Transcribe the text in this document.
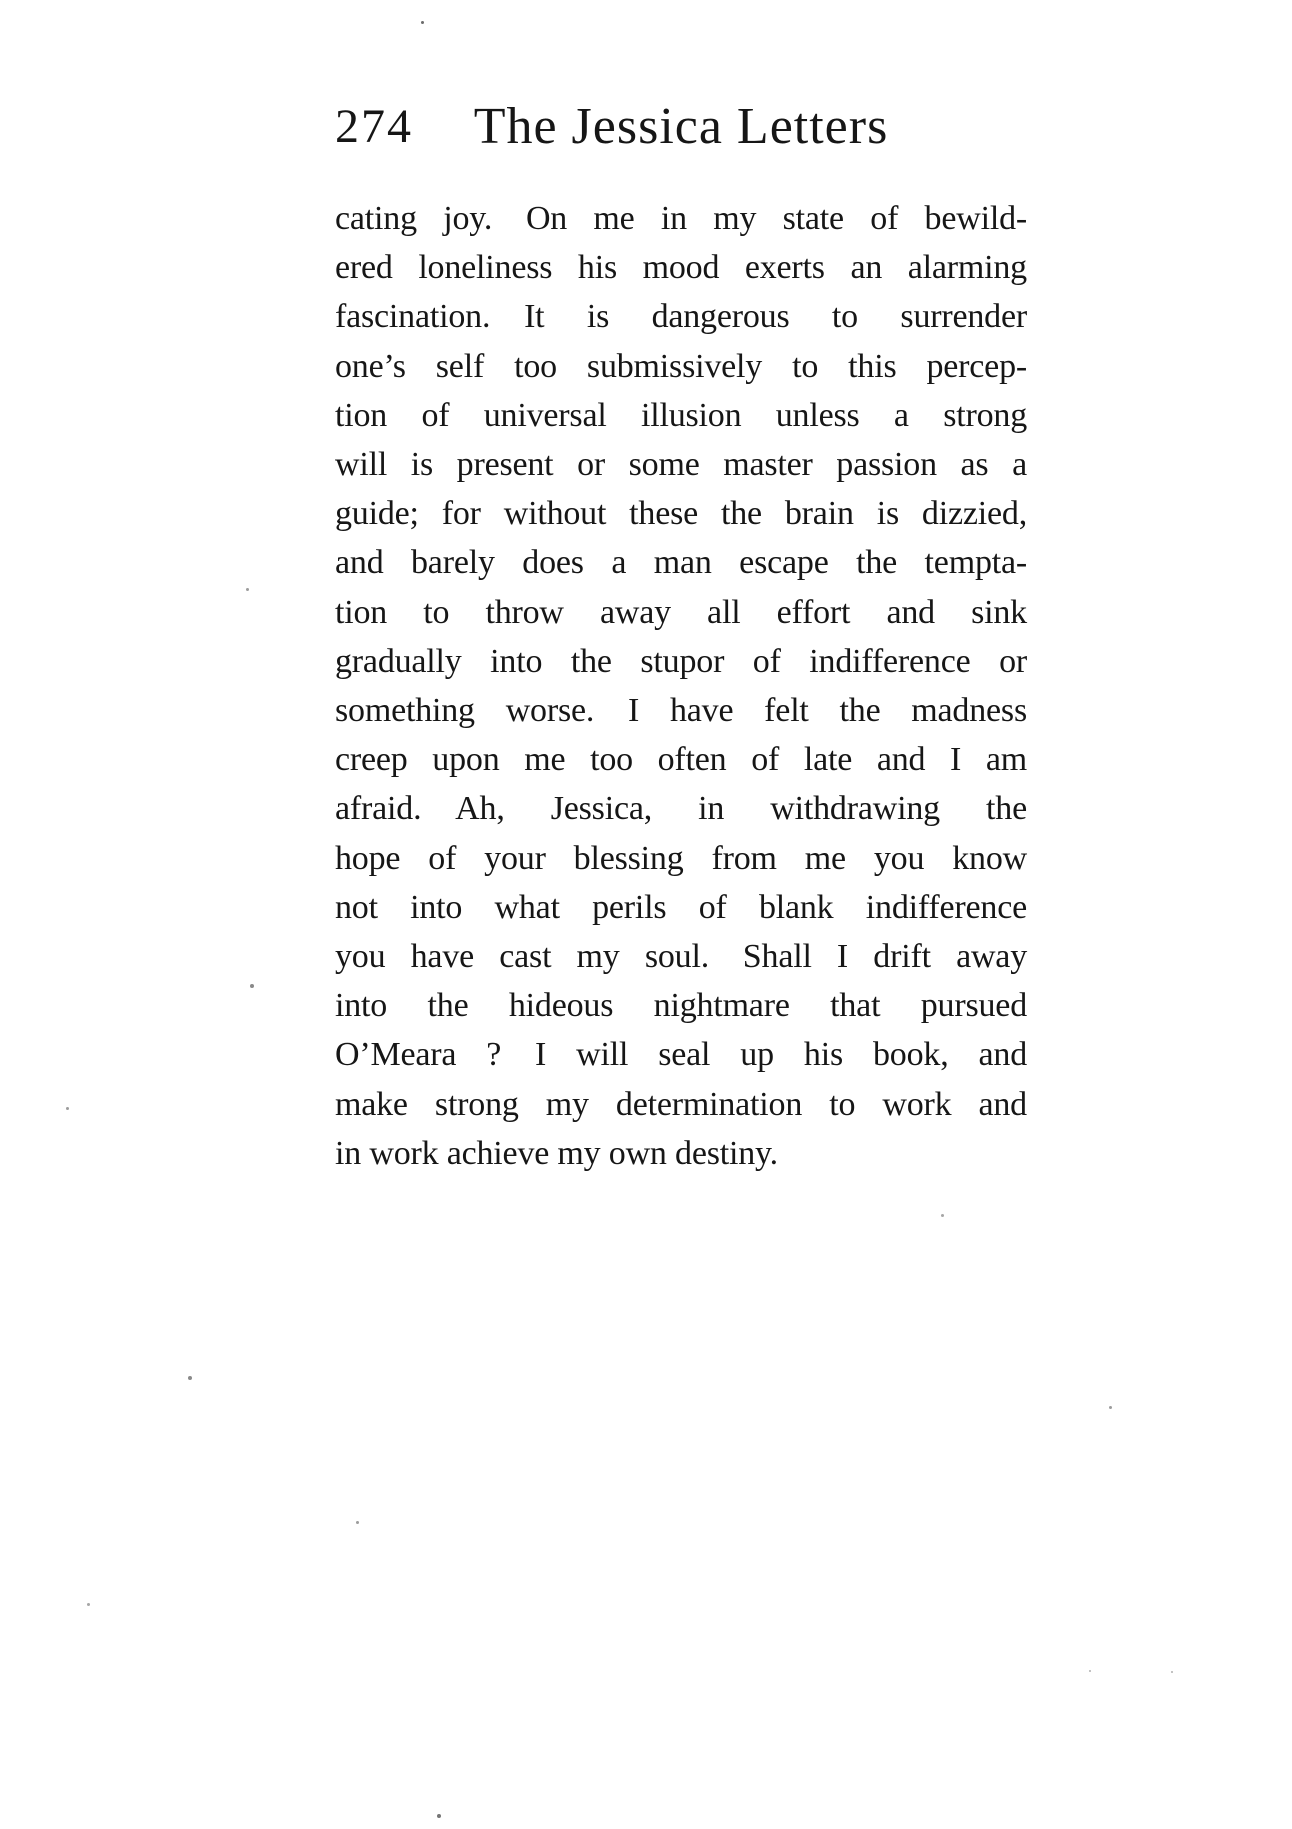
274	The Jessica Letters
cating joy. On me in my state of bewild-
ered loneliness his mood exerts an alarming
fascination. It is dangerous to surrender
one’s self too submissively to this percep-
tion of universal illusion unless a strong
will is present or some master passion as a
guide; for without these the brain is dizzied,
and barely does a man escape the tempta-
tion to throw away all effort and sink
gradually into the stupor of indifference or
something worse. I have felt the madness
creep upon me too often of late and I am
afraid. Ah, Jessica, in withdrawing the
hope of your blessing from me you know
not into what perils of blank indifference
you have cast my soul. Shall I drift away
into the hideous nightmare that pursued
O’Meara ? I will seal up his book, and
make strong my determination to work and
in work achieve my own destiny.
